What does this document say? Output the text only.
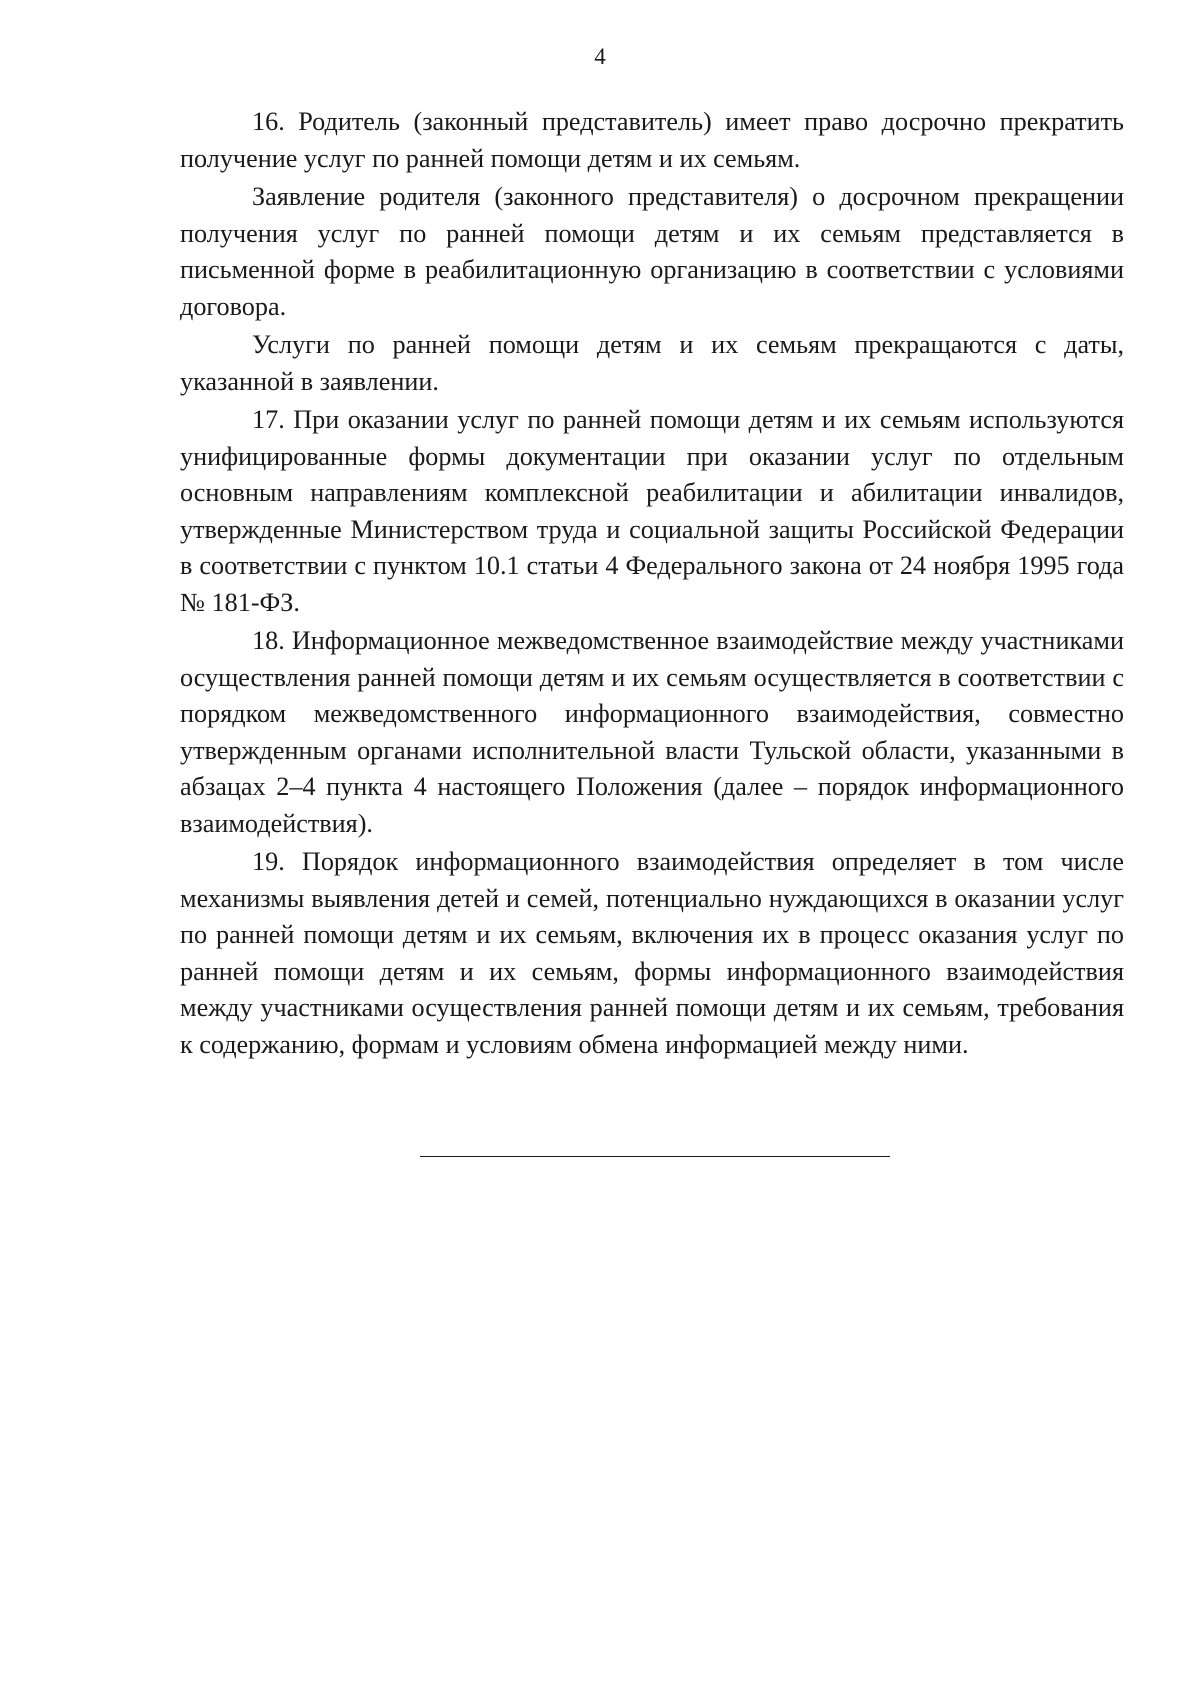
4

16. Родитель (законный представитель) имеет право досрочно прекратить получение услуг по ранней помощи детям и их семьям.

Заявление родителя (законного представителя) о досрочном прекращении получения услуг по ранней помощи детям и их семьям представляется в письменной форме в реабилитационную организацию в соответствии с условиями договора.

Услуги по ранней помощи детям и их семьям прекращаются с даты, указанной в заявлении.

17. При оказании услуг по ранней помощи детям и их семьям используются унифицированные формы документации при оказании услуг по отдельным основным направлениям комплексной реабилитации и абилитации инвалидов, утвержденные Министерством труда и социальной защиты Российской Федерации в соответствии с пунктом 10.1 статьи 4 Федерального закона от 24 ноября 1995 года № 181-ФЗ.

18. Информационное межведомственное взаимодействие между участниками осуществления ранней помощи детям и их семьям осуществляется в соответствии с порядком межведомственного информационного взаимодействия, совместно утвержденным органами исполнительной власти Тульской области, указанными в абзацах 2–4 пункта 4 настоящего Положения (далее – порядок информационного взаимодействия).

19. Порядок информационного взаимодействия определяет в том числе механизмы выявления детей и семей, потенциально нуждающихся в оказании услуг по ранней помощи детям и их семьям, включения их в процесс оказания услуг по ранней помощи детям и их семьям, формы информационного взаимодействия между участниками осуществления ранней помощи детям и их семьям, требования к содержанию, формам и условиям обмена информацией между ними.
